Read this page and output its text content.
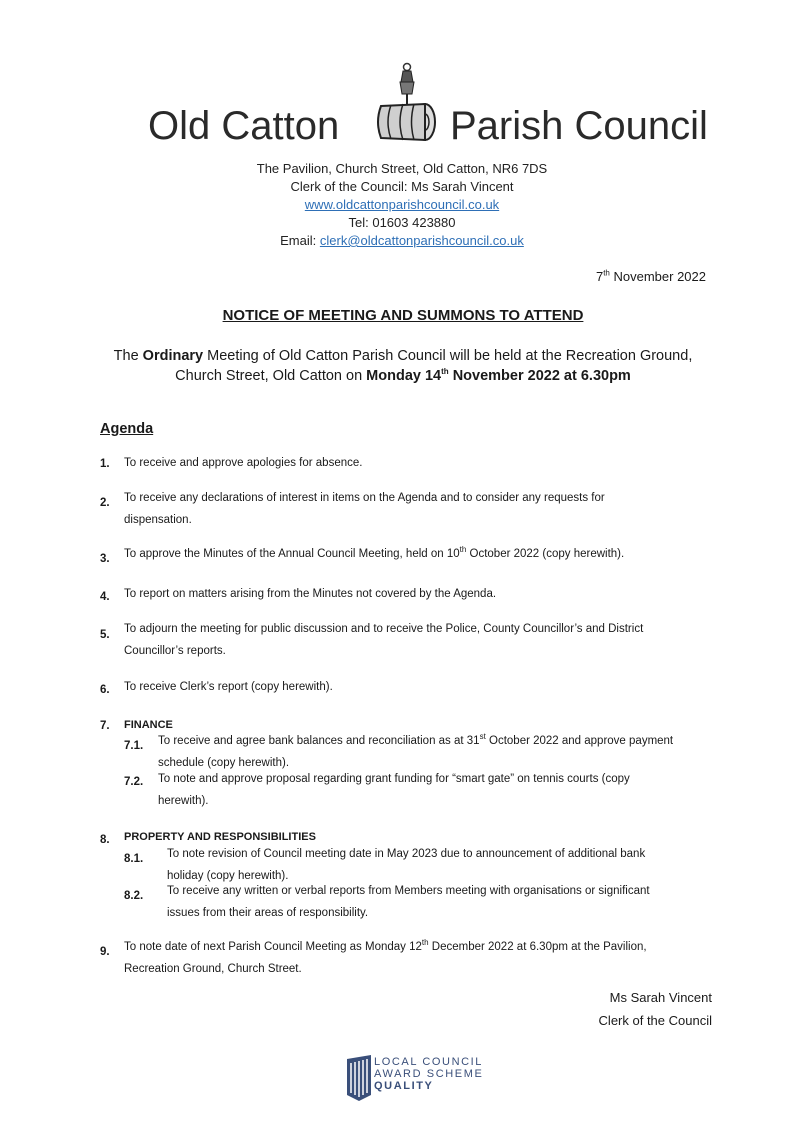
Old Catton	Parish Council
The Pavilion, Church Street, Old Catton, NR6 7DS
Clerk of the Council: Ms Sarah Vincent
www.oldcattonparishcouncil.co.uk
Tel: 01603 423880
Email: clerk@oldcattonparishcouncil.co.uk
7th November 2022
NOTICE OF MEETING AND SUMMONS TO ATTEND
The Ordinary Meeting of Old Catton Parish Council will be held at the Recreation Ground,
Church Street, Old Catton on Monday 14th November 2022 at 6.30pm
Agenda
1. To receive and approve apologies for absence.
2. To receive any declarations of interest in items on the Agenda and to consider any requests for
dispensation.
3. To approve the Minutes of the Annual Council Meeting, held on 10th October 2022 (copy herewith).
4. To report on matters arising from the Minutes not covered by the Agenda.
5. To adjourn the meeting for public discussion and to receive the Police, County Councillor’s and District
Councillor’s reports.
6. To receive Clerk’s report (copy herewith).
7. FINANCE
7.1. To receive and agree bank balances and reconciliation as at 31st October 2022 and approve payment
schedule (copy herewith).
7.2. To note and approve proposal regarding grant funding for “smart gate” on tennis courts (copy
herewith).
8. PROPERTY AND RESPONSIBILITIES
8.1. To note revision of Council meeting date in May 2023 due to announcement of additional bank
holiday (copy herewith).
8.2. To receive any written or verbal reports from Members meeting with organisations or significant
issues from their areas of responsibility.
9. To note date of next Parish Council Meeting as Monday 12th December 2022 at 6.30pm at the Pavilion,
Recreation Ground, Church Street.
Ms Sarah Vincent
Clerk of the Council
LOCAL COUNCIL
AWARD SCHEME
QUALITY
